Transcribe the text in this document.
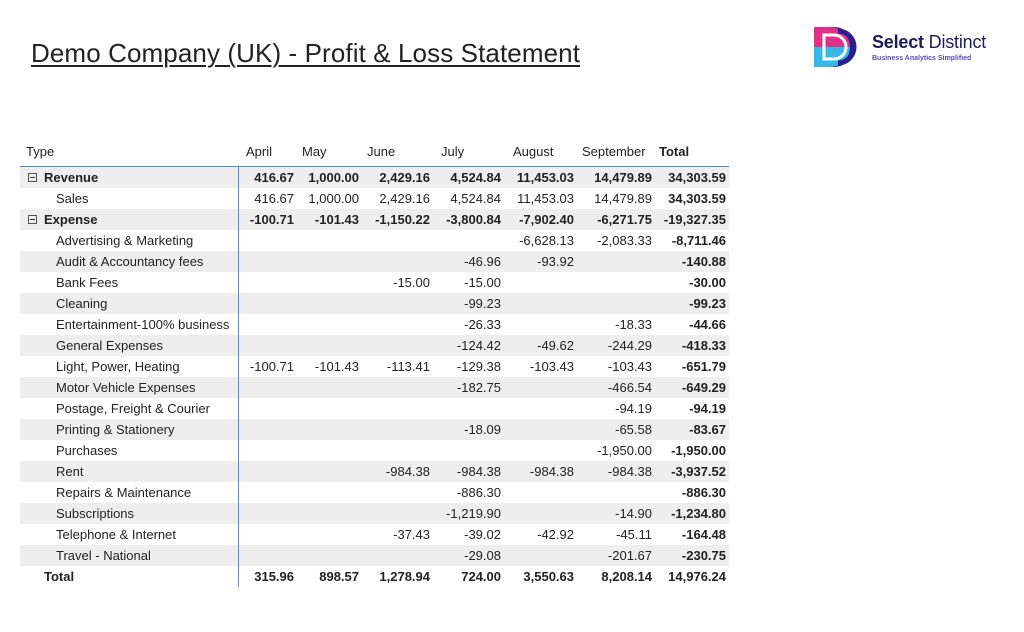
Demo Company (UK) - Profit & Loss Statement	Select Distinct
Business Analytics Simplified
Type	April	May	June	July	August	September	Total
Revenue	416.67	1,000.00	2,429.16	4,524.84	11,453.03	14,479.89	34,303.59
Sales	416.67	1,000.00	2,429.16	4,524.84	11,453.03	14,479.89	34,303.59
Expense	-100.71	-101.43	-1,150.22	-3,800.84	-7,902.40	-6,271.75	-19,327.35
Advertising & Marketing					-6,628.13	-2,083.33	-8,711.46
Audit & Accountancy fees				-46.96	-93.92		-140.88
Bank Fees			-15.00	-15.00			-30.00
Cleaning				-99.23			-99.23
Entertainment-100% business				-26.33		-18.33	-44.66
General Expenses				-124.42	-49.62	-244.29	-418.33
Light, Power, Heating	-100.71	-101.43	-113.41	-129.38	-103.43	-103.43	-651.79
Motor Vehicle Expenses				-182.75		-466.54	-649.29
Postage, Freight & Courier						-94.19	-94.19
Printing & Stationery				-18.09		-65.58	-83.67
Purchases						-1,950.00	-1,950.00
Rent			-984.38	-984.38	-984.38	-984.38	-3,937.52
Repairs & Maintenance				-886.30			-886.30
Subscriptions				-1,219.90		-14.90	-1,234.80
Telephone & Internet			-37.43	-39.02	-42.92	-45.11	-164.48
Travel - National				-29.08		-201.67	-230.75
Total	315.96	898.57	1,278.94	724.00	3,550.63	8,208.14	14,976.24
